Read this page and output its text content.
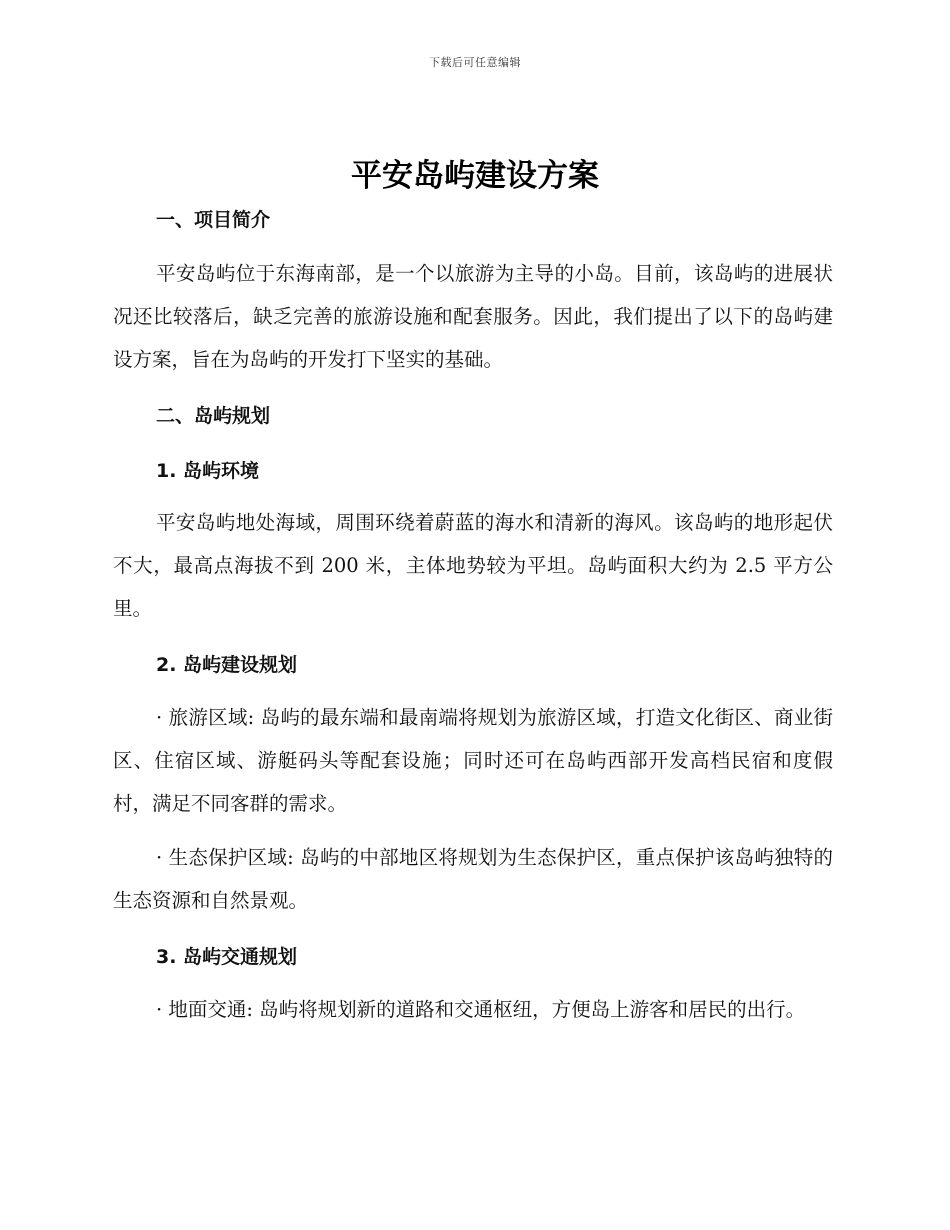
下载后可任意编辑
平安岛屿建设方案
一、项目简介

平安岛屿位于东海南部，是一个以旅游为主导的小岛。目前，该岛屿的进展状况还比较落后，缺乏完善的旅游设施和配套服务。因此，我们提出了以下的岛屿建设方案，旨在为岛屿的开发打下坚实的基础。

二、岛屿规划
1. 岛屿环境

平安岛屿地处海域，周围环绕着蔚蓝的海水和清新的海风。该岛屿的地形起伏不大，最高点海拔不到 200 米，主体地势较为平坦。岛屿面积大约为 2.5 平方公里。

2. 岛屿建设规划

· 旅游区域: 岛屿的最东端和最南端将规划为旅游区域，打造文化街区、商业街区、住宿区域、游艇码头等配套设施；同时还可在岛屿西部开发高档民宿和度假村，满足不同客群的需求。

· 生态保护区域: 岛屿的中部地区将规划为生态保护区，重点保护该岛屿独特的生态资源和自然景观。

3. 岛屿交通规划

· 地面交通: 岛屿将规划新的道路和交通枢纽，方便岛上游客和居民的出行。
